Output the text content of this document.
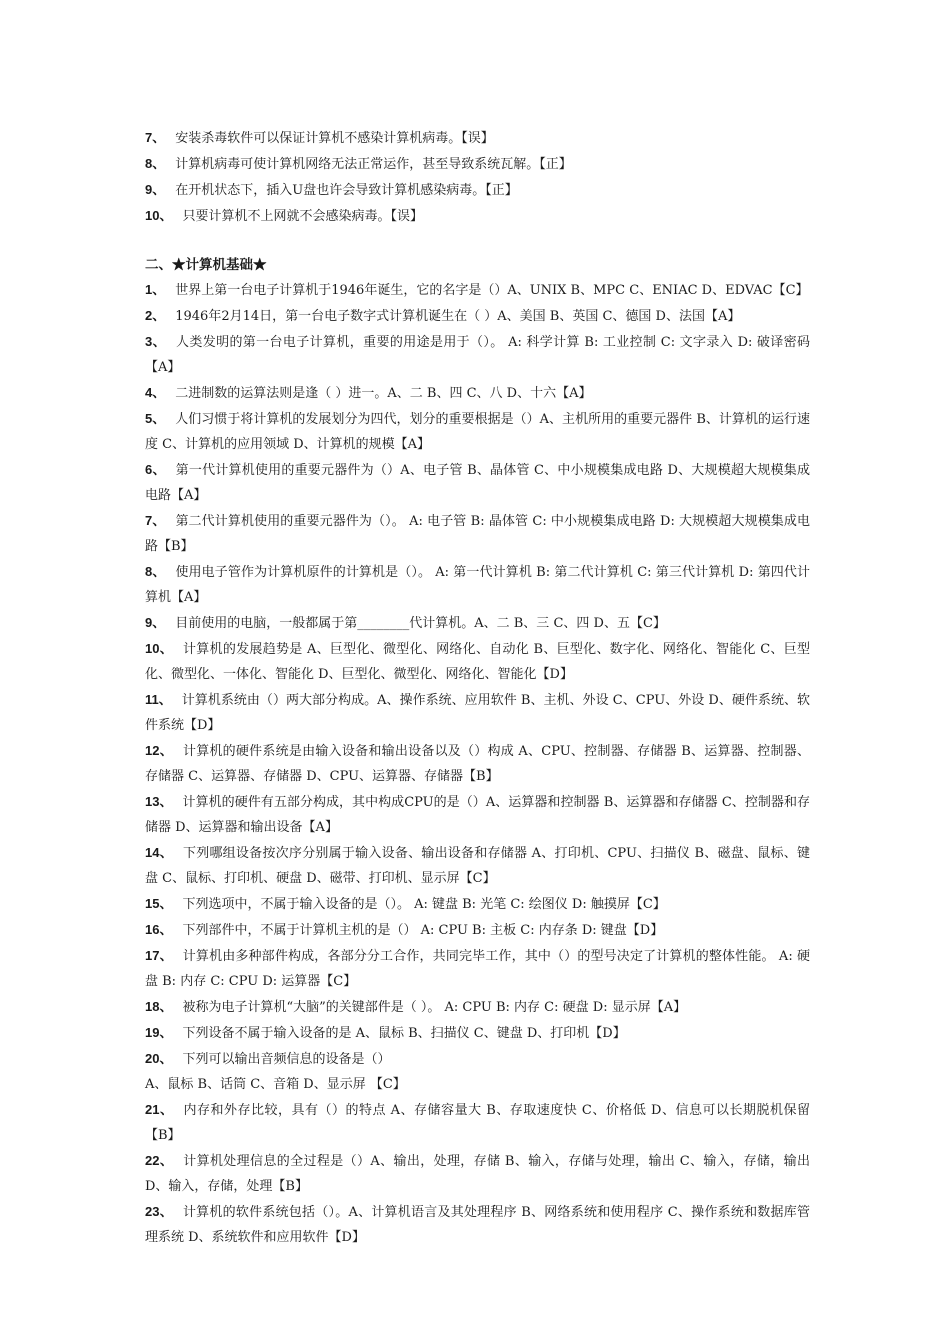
7、 安装杀毒软件可以保证计算机不感染计算机病毒。【误】

8、 计算机病毒可使计算机网络无法正常运作，甚至导致系统瓦解。【正】

9、 在开机状态下，插入U盘也许会导致计算机感染病毒。【正】

10、 只要计算机不上网就不会感染病毒。【误】

二、★计算机基础★

1、 世界上第一台电子计算机于1946年诞生，它的名字是（）A、UNIX B、MPC C、ENIAC D、EDVAC【C】

2、 1946年2月14日，第一台电子数字式计算机诞生在（ ）A、美国 B、英国 C、德国 D、法国【A】

3、 人类发明的第一台电子计算机，重要的用途是用于（）。 A: 科学计算 B: 工业控制 C: 文字录入 D: 破译密码【A】

4、 二进制数的运算法则是逢（ ）进一。A、二 B、四 C、八 D、十六【A】

5、 人们习惯于将计算机的发展划分为四代，划分的重要根据是（）A、主机所用的重要元器件 B、计算机的运行速度 C、计算机的应用领域 D、计算机的规模【A】

6、 第一代计算机使用的重要元器件为（）A、电子管 B、晶体管 C、中小规模集成电路 D、大规模超大规模集成电路【A】

7、 第二代计算机使用的重要元器件为（）。 A: 电子管 B: 晶体管 C: 中小规模集成电路 D: 大规模超大规模集成电路【B】

8、 使用电子管作为计算机原件的计算机是（）。 A: 第一代计算机 B: 第二代计算机 C: 第三代计算机 D: 第四代计算机【A】

9、 目前使用的电脑，一般都属于第________代计算机。A、二 B、三 C、四 D、五【C】

10、 计算机的发展趋势是 A、巨型化、微型化、网络化、自动化 B、巨型化、数字化、网络化、智能化 C、巨型化、微型化、一体化、智能化 D、巨型化、微型化、网络化、智能化【D】

11、 计算机系统由（）两大部分构成。A、操作系统、应用软件 B、主机、外设 C、CPU、外设 D、硬件系统、软件系统【D】

12、 计算机的硬件系统是由输入设备和输出设备以及（）构成 A、CPU、控制器、存储器 B、运算器、控制器、存储器 C、运算器、存储器 D、CPU、运算器、存储器【B】

13、 计算机的硬件有五部分构成，其中构成CPU的是（）A、运算器和控制器 B、运算器和存储器 C、控制器和存储器 D、运算器和输出设备【A】

14、 下列哪组设备按次序分别属于输入设备、输出设备和存储器 A、打印机、CPU、扫描仪 B、磁盘、鼠标、键盘 C、鼠标、打印机、硬盘 D、磁带、打印机、显示屏【C】

15、 下列选项中，不属于输入设备的是（）。 A: 键盘 B: 光笔 C: 绘图仪 D: 触摸屏【C】

16、 下列部件中，不属于计算机主机的是（） A: CPU B: 主板 C: 内存条 D: 键盘【D】

17、 计算机由多种部件构成，各部分分工合作，共同完毕工作，其中（）的型号决定了计算机的整体性能。 A: 硬盘 B: 内存 C: CPU D: 运算器【C】

18、 被称为电子计算机“大脑”的关键部件是（ ）。 A: CPU B: 内存 C: 硬盘 D: 显示屏【A】

19、 下列设备不属于输入设备的是 A、鼠标 B、扫描仪 C、键盘 D、打印机【D】

20、 下列可以输出音频信息的设备是（）

A、鼠标 B、话筒 C、音箱 D、显示屏 【C】

21、 内存和外存比较，具有（）的特点 A、存储容量大 B、存取速度快 C、价格低 D、信息可以长期脱机保留【B】

22、 计算机处理信息的全过程是（）A、输出，处理，存储 B、输入，存储与处理，输出 C、输入，存储，输出 D、输入，存储，处理【B】

23、 计算机的软件系统包括（）。A、计算机语言及其处理程序 B、网络系统和使用程序 C、操作系统和数据库管理系统 D、系统软件和应用软件【D】
